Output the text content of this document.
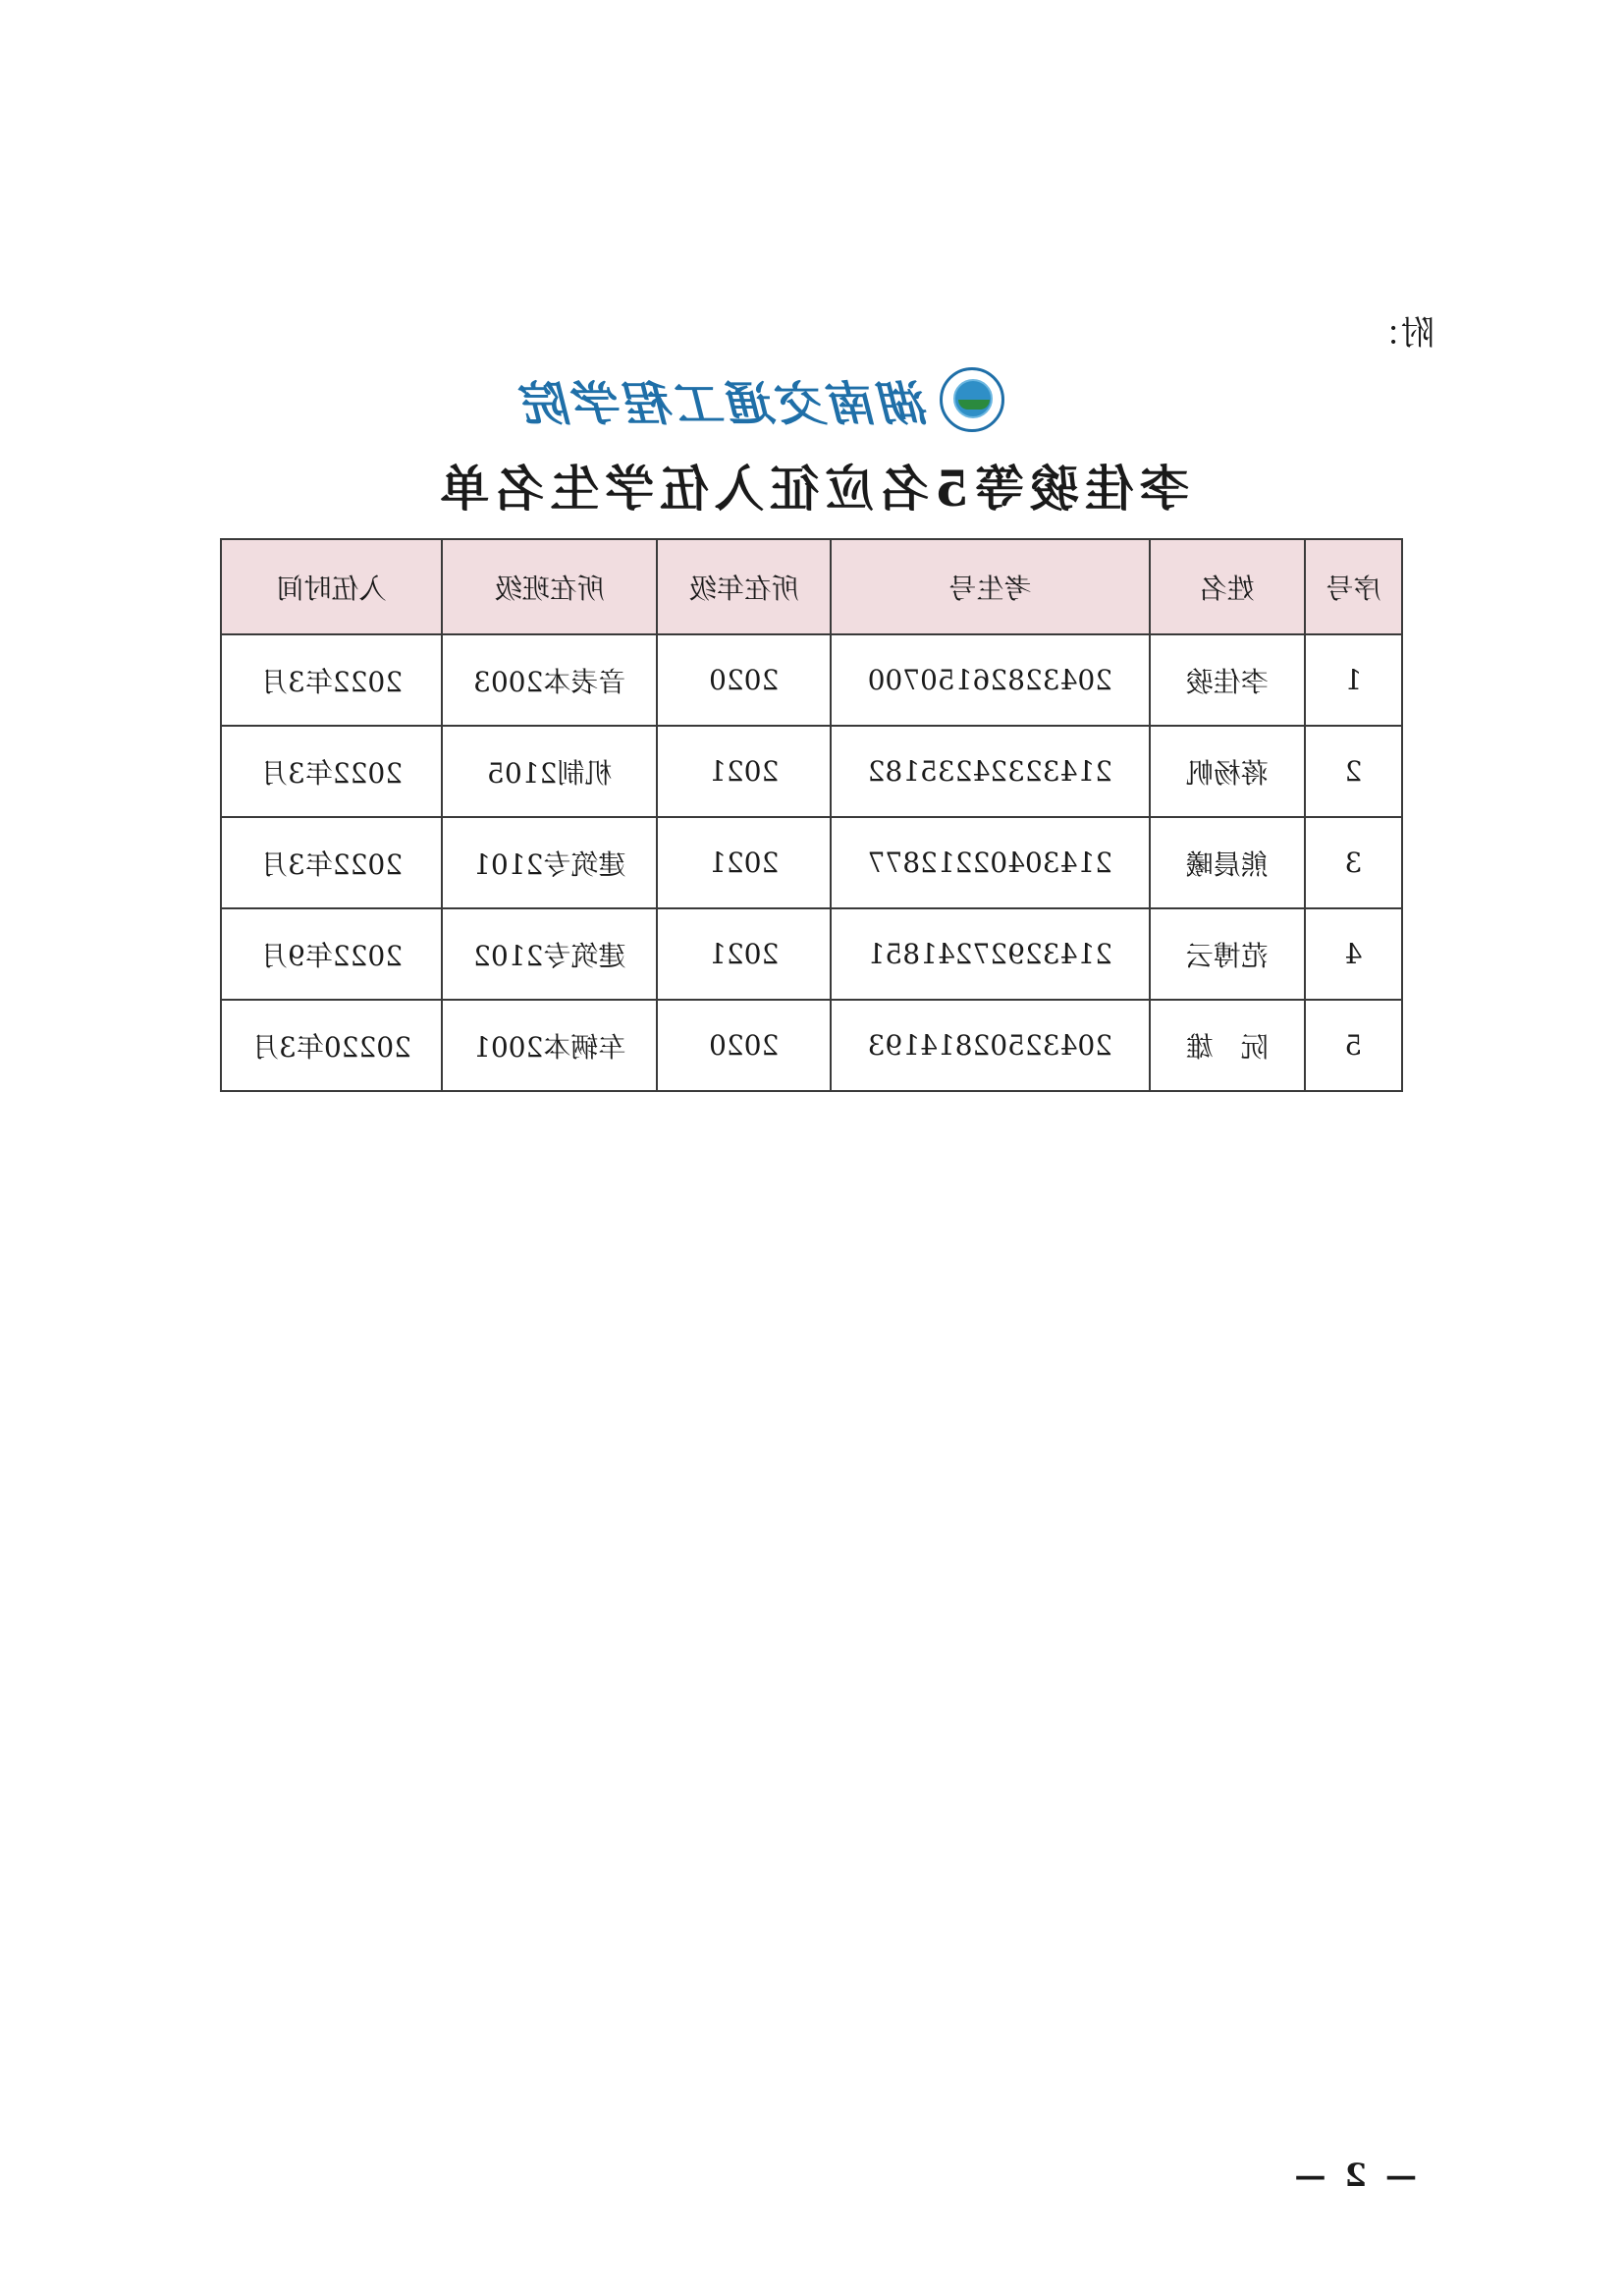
附：
湖南交通工程学院
李佳骏等5名应征入伍学生名单
序号	姓名	考生号	所在年级	所在班级	入伍时间
1	李佳骏	20432826150700	2020	音表本2003	2022年3月
2	蒋杨帆	21432324235182	2021	机制2105	2022年3月
3	熊晨曦	21430402212877	2021	建筑专2101	2022年3月
4	范博云	21432927241851	2021	建筑专2102	2022年9月
5	阮　雄	20432502814193	2020	车辆本2001	20220年3月
— 2 —
